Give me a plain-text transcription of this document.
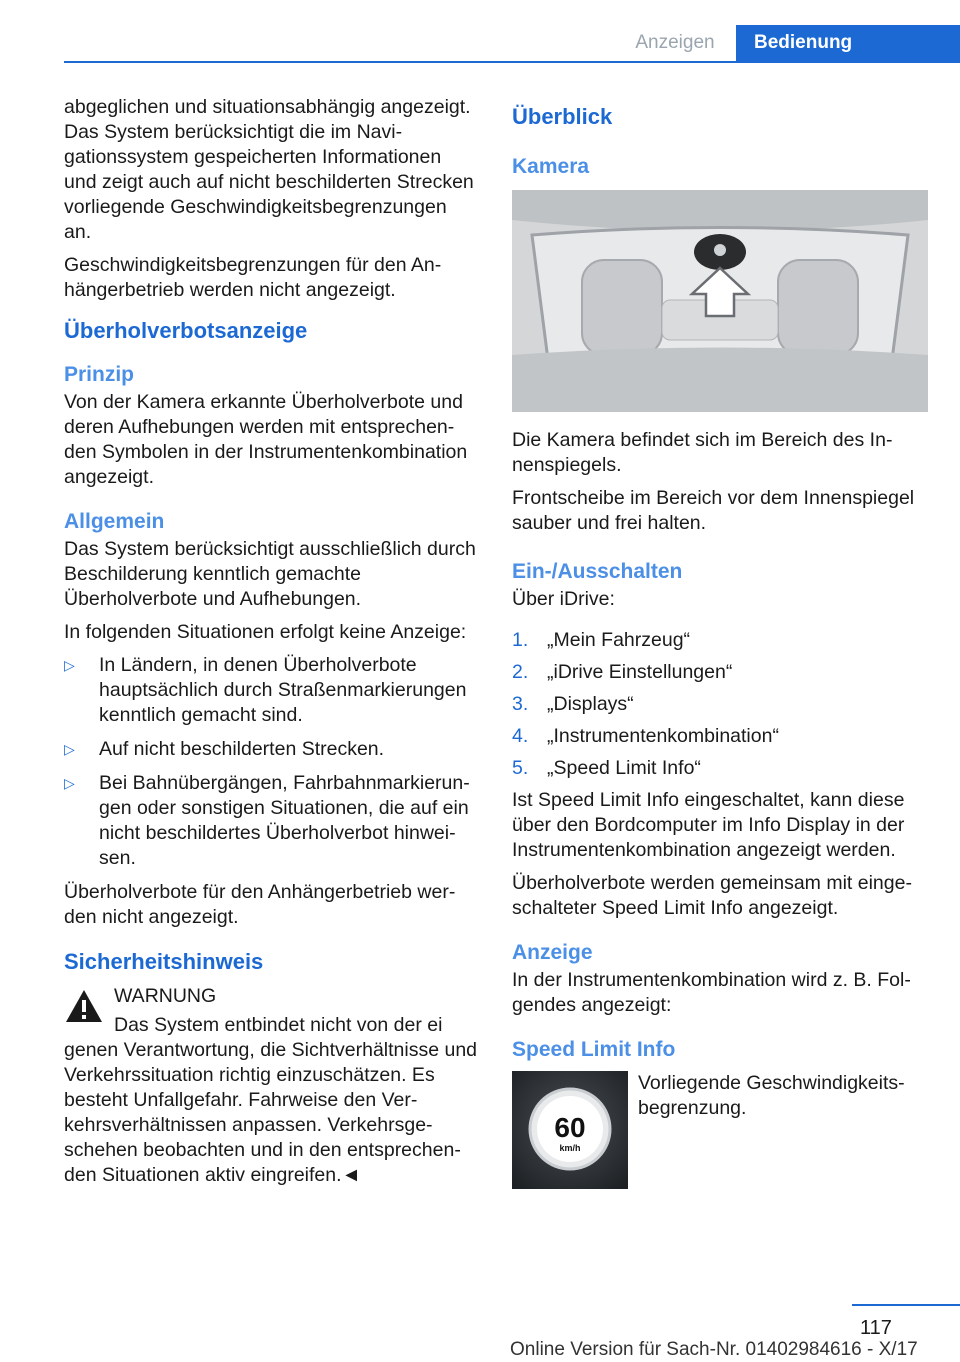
Anzeigen	Bedienung

abgeglichen und situationsabhängig angezeigt. Das System berücksichtigt die im Navigationssystem gespeicherten Informationen und zeigt auch auf nicht beschilderten Strecken vorliegende Geschwindigkeitsbegrenzungen an.

Geschwindigkeitsbegrenzungen für den Anhängerbetrieb werden nicht angezeigt.

Überholverbotsanzeige
Prinzip

Von der Kamera erkannte Überholverbote und deren Aufhebungen werden mit entsprechenden Symbolen in der Instrumentenkombination angezeigt.

Allgemein

Das System berücksichtigt ausschließlich durch Beschilderung kenntlich gemachte Überholverbote und Aufhebungen.

In folgenden Situationen erfolgt keine Anzeige:

▷ In Ländern, in denen Überholverbote hauptsächlich durch Straßenmarkierungen kenntlich gemacht sind.
▷ Auf nicht beschilderten Strecken.
▷ Bei Bahnübergängen, Fahrbahnmarkierungen oder sonstigen Situationen, die auf ein nicht beschildertes Überholverbot hinweisen.

Überholverbote für den Anhängerbetrieb werden nicht angezeigt.

Sicherheitshinweis
WARNUNG
Das System entbindet nicht von der ei

genen Verantwortung, die Sichtverhältnisse und Verkehrssituation richtig einzuschätzen. Es besteht Unfallgefahr. Fahrweise den Verkehrsverhältnissen anpassen. Verkehrsgeschehen beobachten und in den entsprechenden Situationen aktiv eingreifen.◄

Überblick
Kamera

Die Kamera befindet sich im Bereich des Innenspiegels.

Frontscheibe im Bereich vor dem Innenspiegel sauber und frei halten.

Ein-/Ausschalten

Über iDrive:

1. „Mein Fahrzeug“
2. „iDrive Einstellungen“
3. „Displays“
4. „Instrumentenkombination“
5. „Speed Limit Info“

Ist Speed Limit Info eingeschaltet, kann diese über den Bordcomputer im Info Display in der Instrumentenkombination angezeigt werden.

Überholverbote werden gemeinsam mit eingeschalteter Speed Limit Info angezeigt.

Anzeige

In der Instrumentenkombination wird z. B. Folgendes angezeigt:

Speed Limit Info
60
km/h
Vorliegende Geschwindigkeitsbegrenzung.
117
Online Version für Sach-Nr. 01402984616 - X/17
